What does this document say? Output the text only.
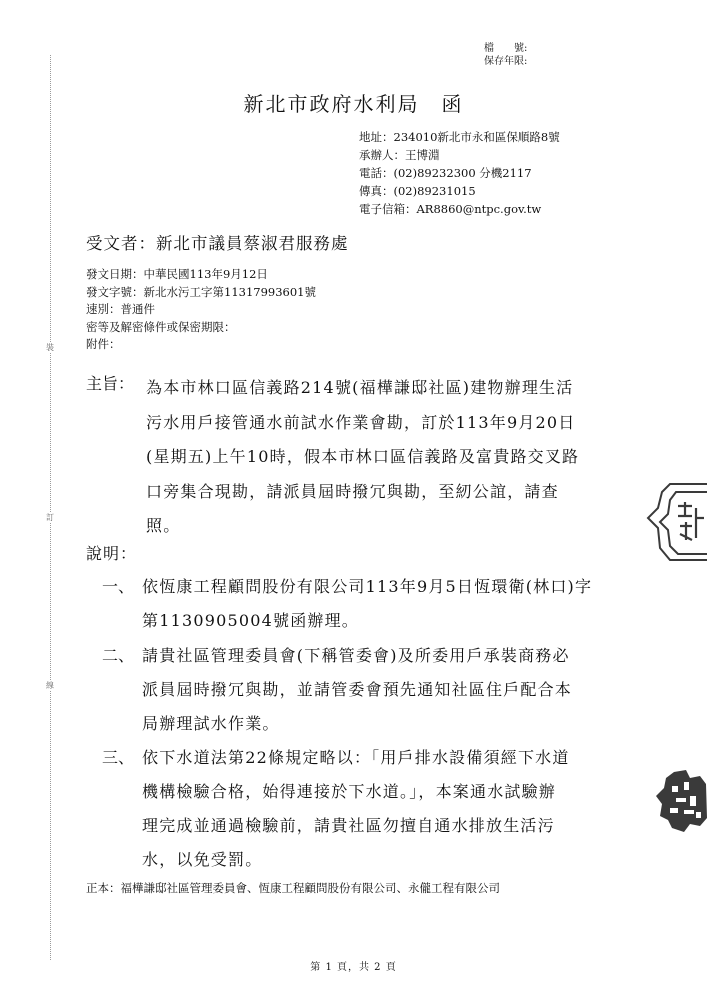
裝
訂
線
檔　　號:
保存年限:
新北市政府水利局　函
地址：234010新北市永和區保順路8號
承辦人：王博淵
電話：(02)89232300 分機2117
傳真：(02)89231015
電子信箱：AR8860@ntpc.gov.tw
受文者：新北市議員蔡淑君服務處
發文日期：中華民國113年9月12日
發文字號：新北水污工字第11317993601號
速別：普通件
密等及解密條件或保密期限：
附件：
主旨： 為本市林口區信義路214號(福樺謙邸社區)建物辦理生活
污水用戶接管通水前試水作業會勘，訂於113年9月20日
(星期五)上午10時，假本市林口區信義路及富貴路交叉路
口旁集合現勘，請派員屆時撥冗與勘，至紉公誼，請查
照。
說明：
一、 依恆康工程顧問股份有限公司113年9月5日恆環衛(林口)字
第1130905004號函辦理。
二、 請貴社區管理委員會(下稱管委會)及所委用戶承裝商務必
派員屆時撥冗與勘，並請管委會預先通知社區住戶配合本
局辦理試水作業。
三、 依下水道法第22條規定略以：「用戶排水設備須經下水道
機構檢驗合格，始得連接於下水道。」，本案通水試驗辦
理完成並通過檢驗前，請貴社區勿擅自通水排放生活污
水，以免受罰。
正本：福樺謙邸社區管理委員會、恆康工程顧問股份有限公司、永儱工程有限公司
第 1 頁，共 2 頁
